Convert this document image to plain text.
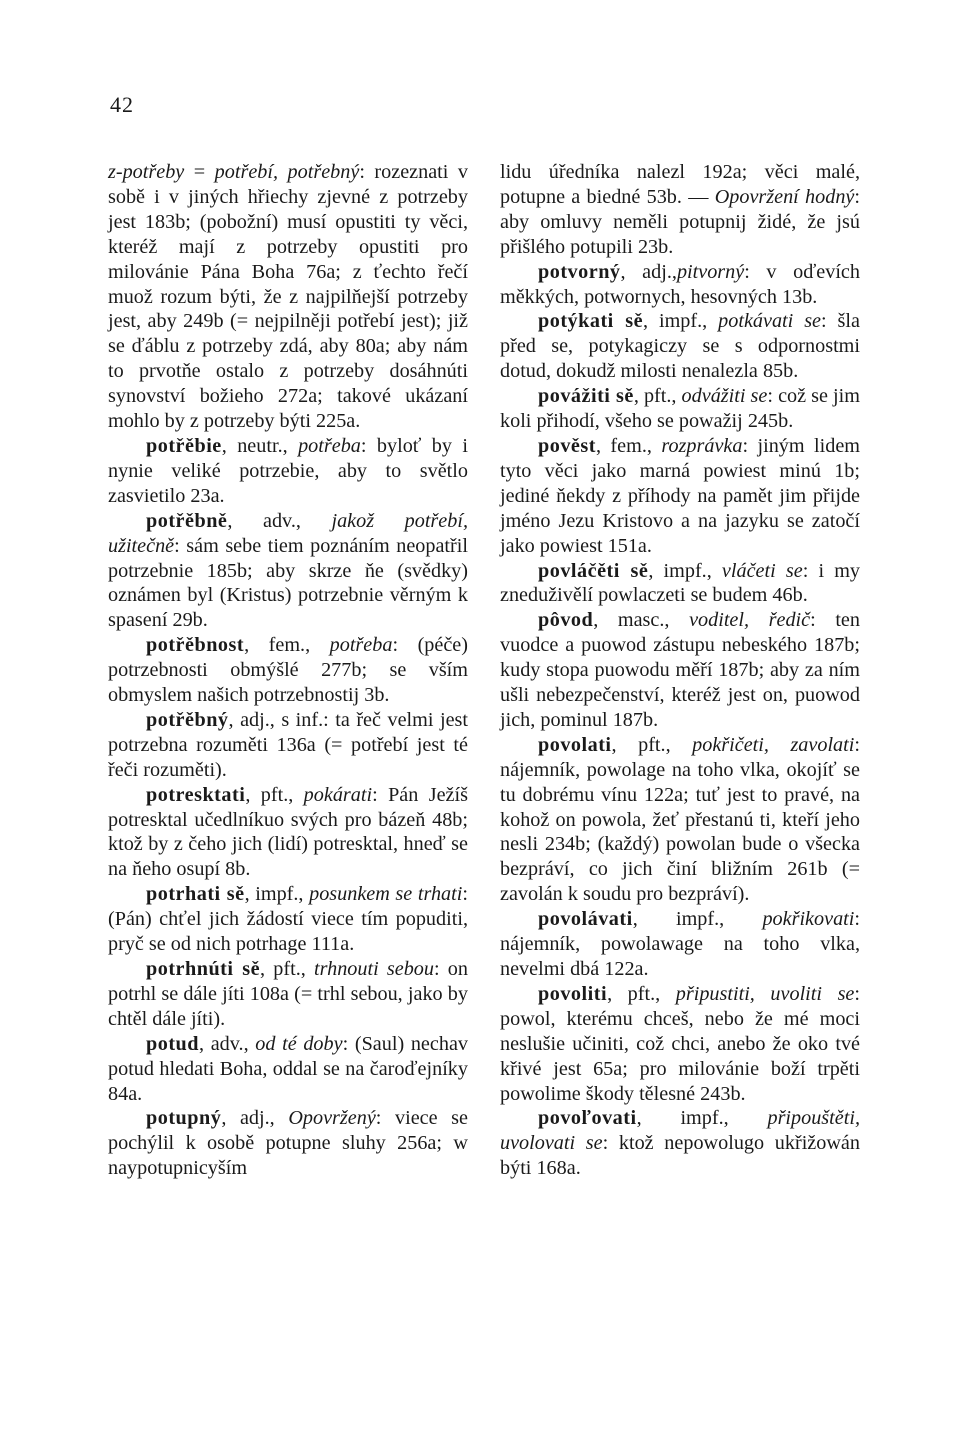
42

z-potřeby = potřebí, potřebný: rozeznati v sobě i v jiných hřiechy zjevné z potrzeby jest 183b; (pobožní) musí opustiti ty věci, kteréž mají z potrzeby opustiti pro milovánie Pána Boha 76a; z ťechto řečí muož rozum býti, že z najpilňejší potrzeby jest, aby 249b (= nejpilněji potřebí jest); již se ďáblu z potrzeby zdá, aby 80a; aby nám to prvotňe ostalo z potrzeby dosáhnúti synovství božieho 272a; takové ukázaní mohlo by z potrzeby býti 225a.

potřěbie, neutr., potřeba: byloť by i nynie veliké potrzebie, aby to světlo zasvietilo 23a.

potřěbně, adv., jakož potřebí, užitečně: sám sebe tiem poznáním neopatřil potrzebnie 185b; aby skrze ňe (svědky) oznámen byl (Kristus) potrzebnie věrným k spasení 29b.

potřěbnost, fem., potřeba: (péče) potrzebnosti obmýšlé 277b; se vším obmyslem našich potrzebnostij 3b.

potřěbný, adj., s inf.: ta řeč velmi jest potrzebna rozuměti 136a (= potřebí jest té řeči rozuměti).

potresktati, pft., pokárati: Pán Ježíš potresktal učedlníkuo svých pro bázeň 48b; ktož by z čeho jich (lidí) potresktal, hneď se na ňeho osupí 8b.

potrhati sě, impf., posunkem se trhati: (Pán) chťel jich žádostí viece tím popuditi, pryč se od nich potrhage 111a.

potrhnúti sě, pft., trhnouti sebou: on potrhl se dále jíti 108a (= trhl sebou, jako by chtěl dále jíti).

potud, adv., od té doby: (Saul) nechav potud hledati Boha, oddal se na čaroďejníky 84a.

potupný, adj., Opovržený: viece se pochýlil k osobě potupne sluhy 256a; w naypotupnicyším

lidu úředníka nalezl 192a; věci malé, potupne a biedné 53b. — Opovržení hodný: aby omluvy neměli potupnij židé, že jsú přišlého potupili 23b.

potvorný, adj.,pitvorný: v oďevích měkkých, potwornych, hesovných 13b.

potýkati sě, impf., potkávati se: šla před se, potykagiczy se s odpornostmi dotud, dokudž milosti nenalezla 85b.

povážiti sě, pft., odvážiti se: což se jim koli přihodí, všeho se powažij 245b.

pověst, fem., rozprávka: jiným lidem tyto věci jako marná powiest minú 1b; jediné ňekdy z příhody na pamět jim přijde jméno Jezu Kristovo a na jazyku se zatočí jako powiest 151a.

povláčěti sě, impf., vláčeti se: i my zneduživělí powlaczeti se budem 46b.

pôvod, masc., voditel, ředič: ten vuodce a puowod zástupu nebeského 187b; kudy stopa puowodu měří 187b; aby za ním ušli nebezpečenství, kteréž jest on, puowod jich, pominul 187b.

povolati, pft., pokřičeti, zavolati: nájemník, powolage na toho vlka, okojíť se tu dobrému vínu 122a; tuť jest to pravé, na kohož on powola, žeť přestanú ti, kteří jeho nesli 234b; (každý) powolan bude o všecka bezpráví, co jich činí bližním 261b (= zavolán k soudu pro bezpráví).

povolávati, impf., pokřikovati: nájemník, powolawage na toho vlka, nevelmi dbá 122a.

povoliti, pft., připustiti, uvoliti se: powol, kterému chceš, nebo že mé moci neslušie učiniti, což chci, anebo že oko tvé křivé jest 65a; pro milovánie boží trpěti powolime škody tělesné 243b.

povoľovati, impf., připouštěti, uvolovati se: ktož nepowolugo ukřižowán býti 168a.
